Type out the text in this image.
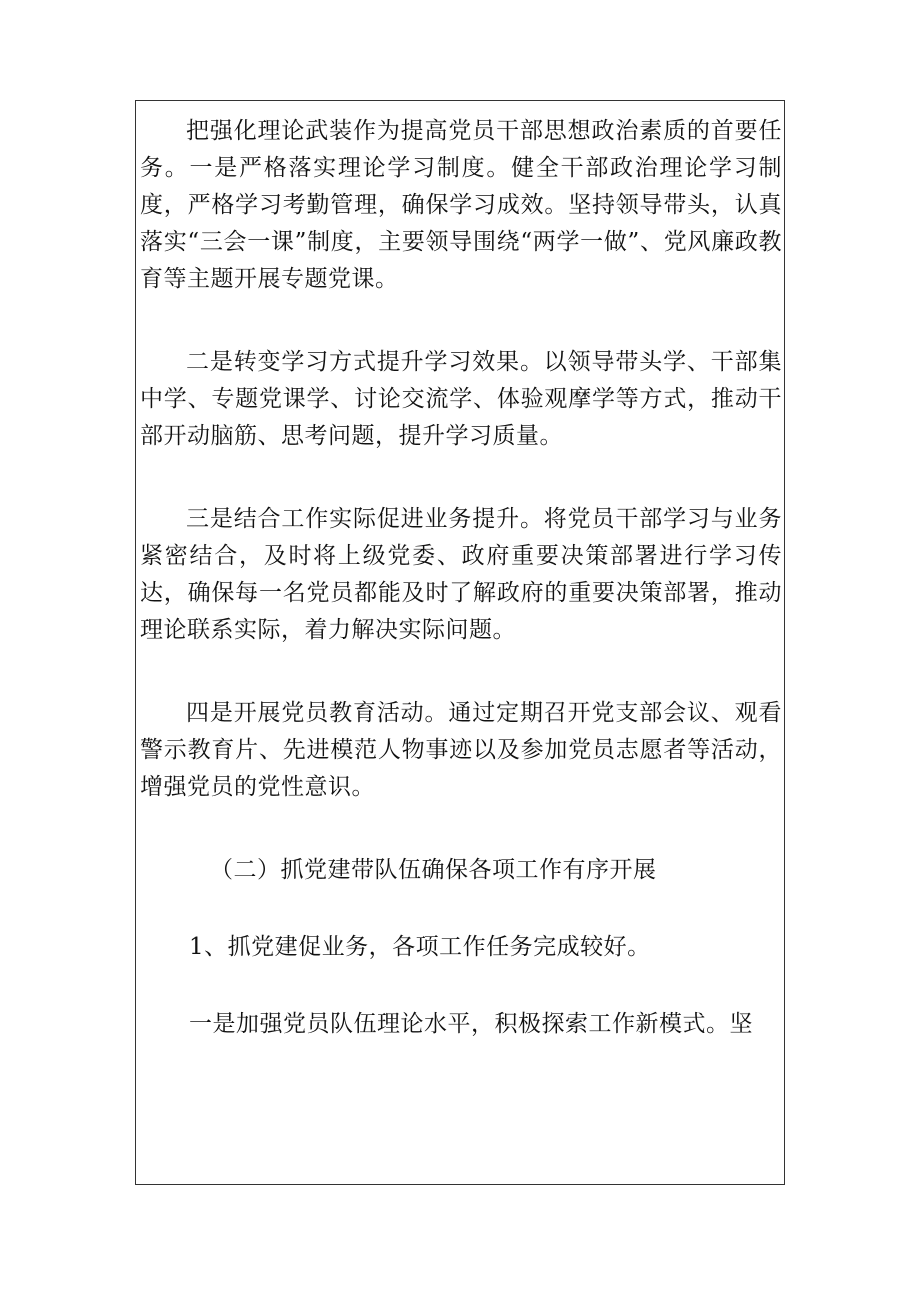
把强化理论武装作为提高党员干部思想政治素质的首要任务。一是严格落实理论学习制度。健全干部政治理论学习制度，严格学习考勤管理，确保学习成效。坚持领导带头，认真落实“三会一课”制度，主要领导围绕“两学一做”、党风廉政教育等主题开展专题党课。

二是转变学习方式提升学习效果。以领导带头学、干部集中学、专题党课学、讨论交流学、体验观摩学等方式，推动干部开动脑筋、思考问题，提升学习质量。

三是结合工作实际促进业务提升。将党员干部学习与业务紧密结合，及时将上级党委、政府重要决策部署进行学习传达，确保每一名党员都能及时了解政府的重要决策部署，推动理论联系实际，着力解决实际问题。

四是开展党员教育活动。通过定期召开党支部会议、观看警示教育片、先进模范人物事迹以及参加党员志愿者等活动，增强党员的党性意识。

（二）抓党建带队伍确保各项工作有序开展

1、抓党建促业务，各项工作任务完成较好。

一是加强党员队伍理论水平，积极探索工作新模式。坚
